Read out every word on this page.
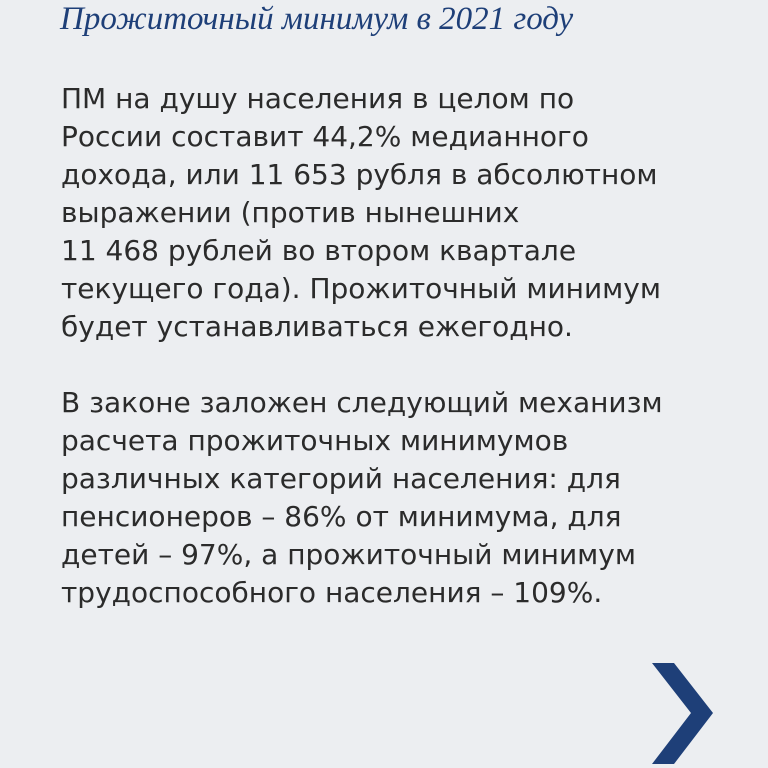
Прожиточный минимум в 2021 году

ПМ на душу населения в целом по
России составит 44,2% медианного
дохода, или 11 653 рубля в абсолютном
выражении (против нынешних
11 468 рублей во втором квартале
текущего года). Прожиточный минимум
будет устанавливаться ежегодно.

В законе заложен следующий механизм
расчета прожиточных минимумов
различных категорий населения: для
пенсионеров – 86% от минимума, для
детей – 97%, а прожиточный минимум
трудоспособного населения – 109%.
